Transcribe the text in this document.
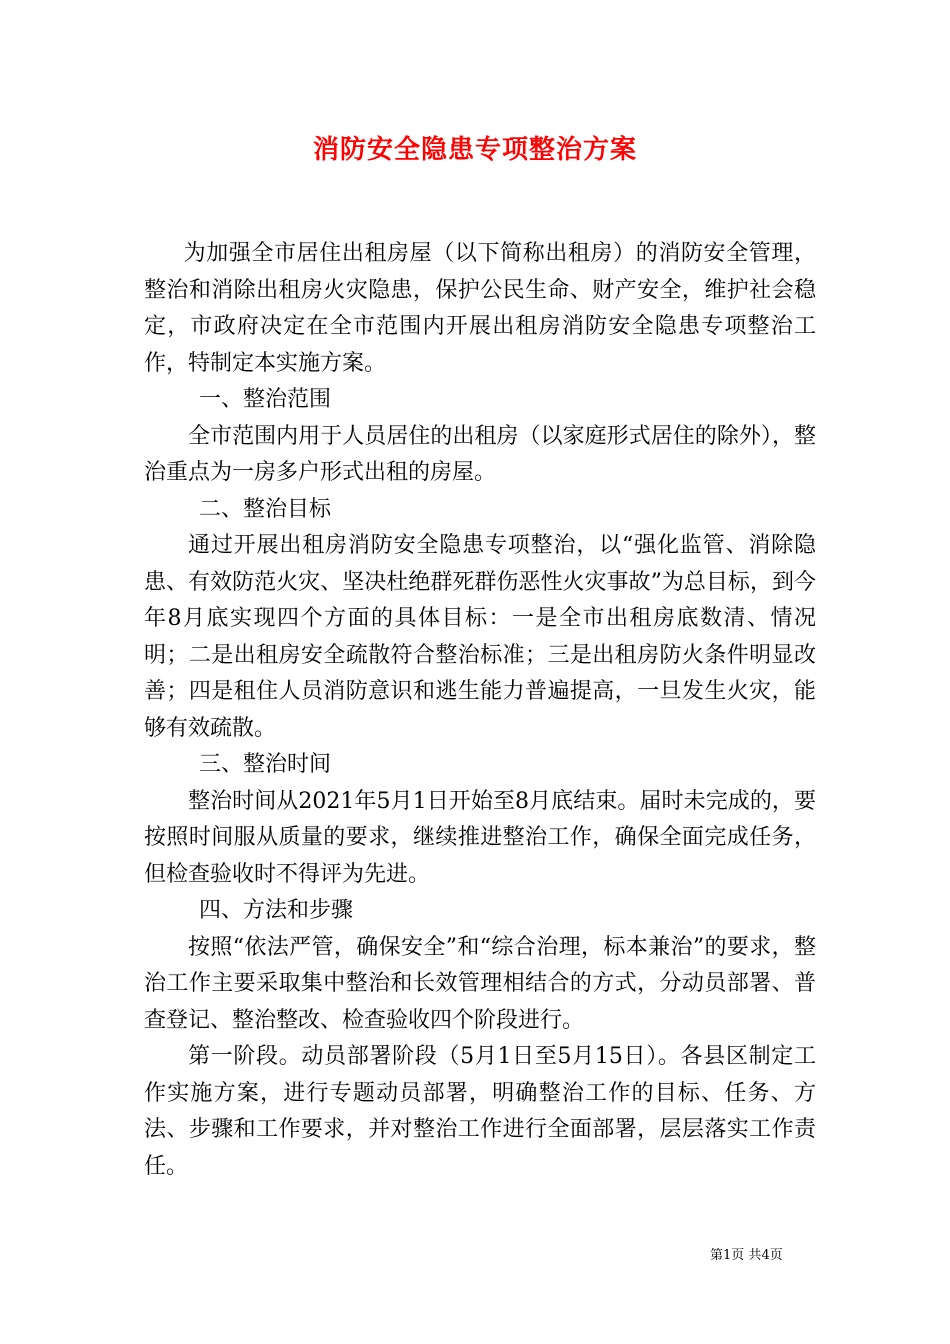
消防安全隐患专项整治方案

为加强全市居住出租房屋（以下简称出租房）的消防安全管理，整治和消除出租房火灾隐患，保护公民生命、财产安全，维护社会稳定，市政府决定在全市范围内开展出租房消防安全隐患专项整治工作，特制定本实施方案。

一、整治范围

全市范围内用于人员居住的出租房（以家庭形式居住的除外），整治重点为一房多户形式出租的房屋。

二、整治目标

通过开展出租房消防安全隐患专项整治，以“强化监管、消除隐患、有效防范火灾、坚决杜绝群死群伤恶性火灾事故”为总目标，到今年8月底实现四个方面的具体目标：一是全市出租房底数清、情况明；二是出租房安全疏散符合整治标准；三是出租房防火条件明显改善；四是租住人员消防意识和逃生能力普遍提高，一旦发生火灾，能够有效疏散。

三、整治时间

整治时间从2021年5月1日开始至8月底结束。届时未完成的，要按照时间服从质量的要求，继续推进整治工作，确保全面完成任务，但检查验收时不得评为先进。

四、方法和步骤

按照“依法严管，确保安全”和“综合治理，标本兼治”的要求，整治工作主要采取集中整治和长效管理相结合的方式，分动员部署、普查登记、整治整改、检查验收四个阶段进行。

第一阶段。动员部署阶段（5月1日至5月15日）。各县区制定工作实施方案，进行专题动员部署，明确整治工作的目标、任务、方法、步骤和工作要求，并对整治工作进行全面部署，层层落实工作责任。

第1页 共4页
